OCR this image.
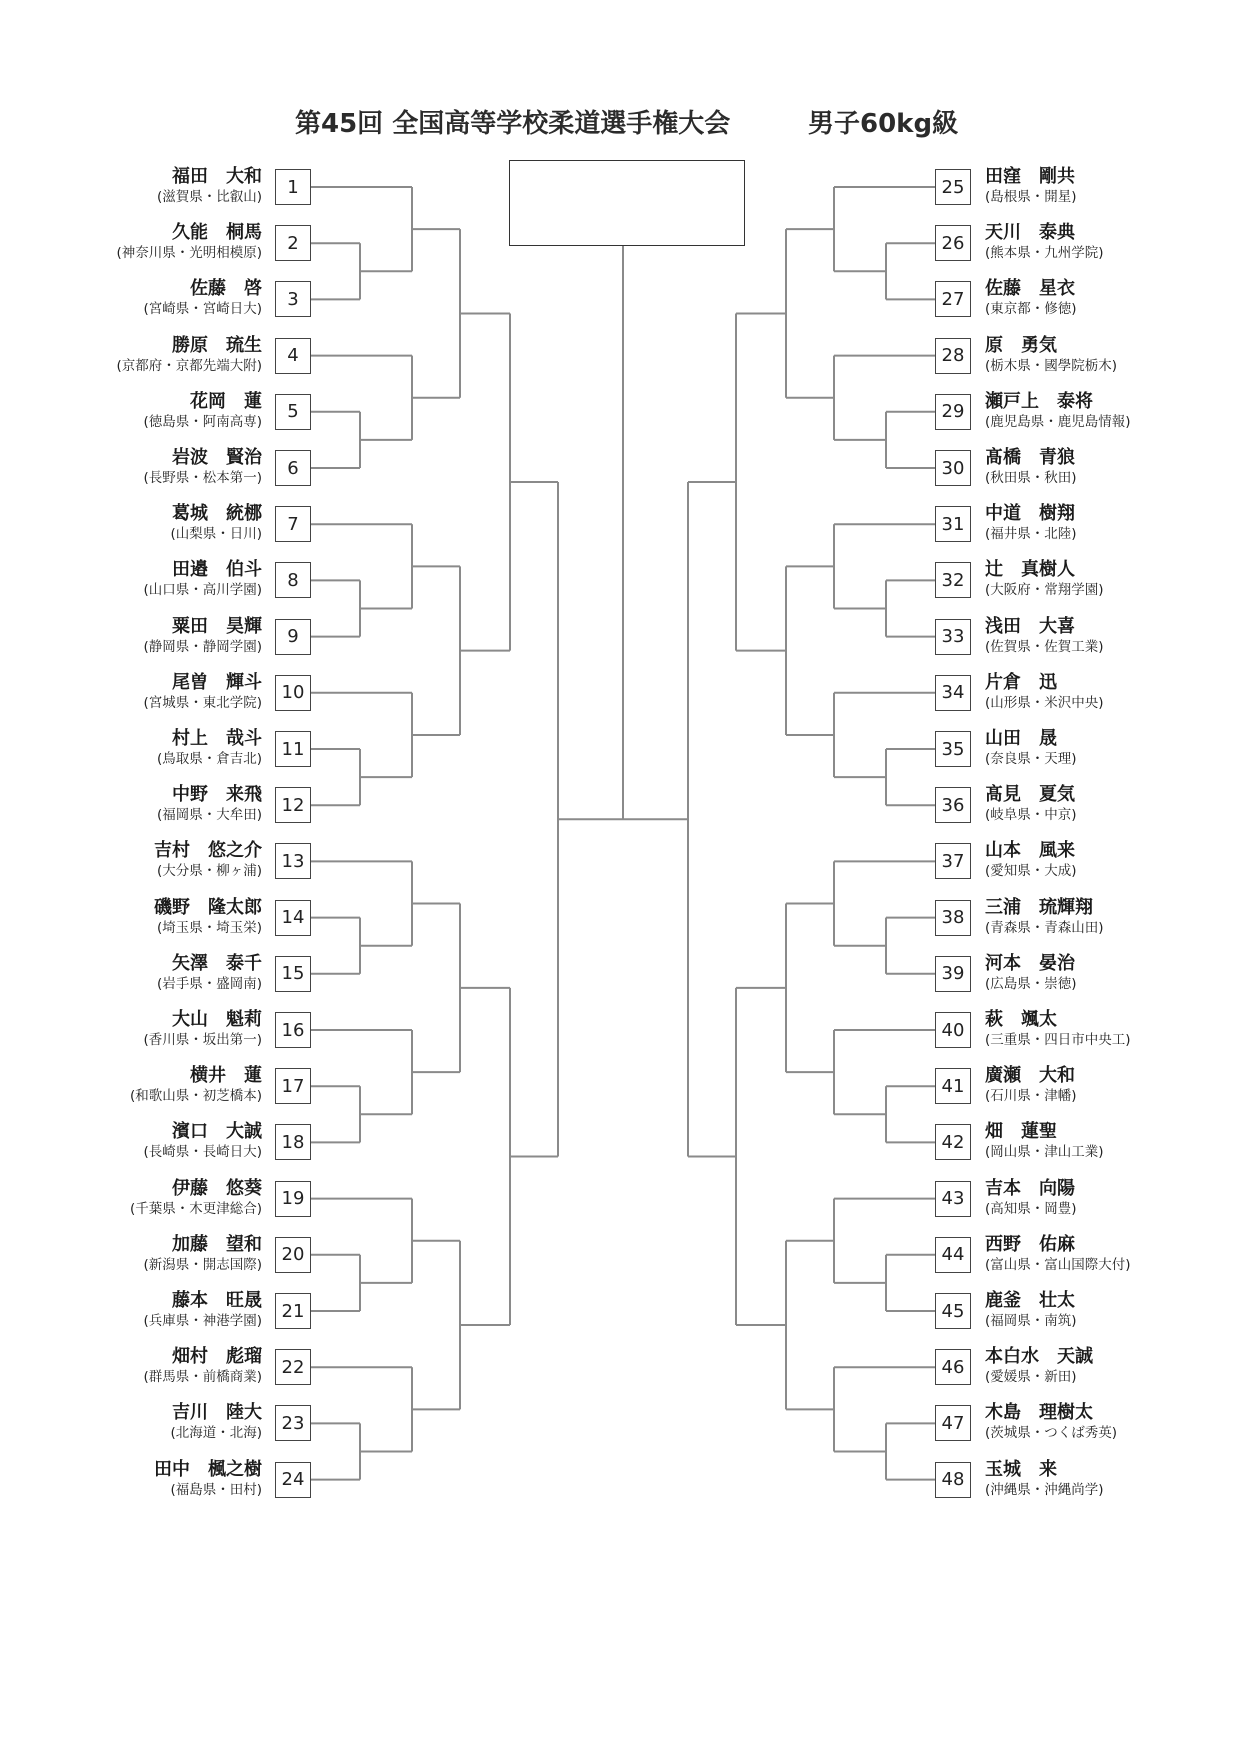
第45回 全国高等学校柔道選手権大会	男子60kg級
1
福田　大和
(滋賀県・比叡山)
2
久能　桐馬
(神奈川県・光明相模原)
3
佐藤　啓
(宮崎県・宮崎日大)
4
勝原　琉生
(京都府・京都先端大附)
5
花岡　蓮
(徳島県・阿南高専)
6
岩波　賢治
(長野県・松本第一)
7
葛城　統梛
(山梨県・日川)
8
田邉　伯斗
(山口県・高川学園)
9
粟田　昊輝
(静岡県・静岡学園)
10
尾曽　輝斗
(宮城県・東北学院)
11
村上　哉斗
(鳥取県・倉吉北)
12
中野　来飛
(福岡県・大牟田)
13
吉村　悠之介
(大分県・柳ヶ浦)
14
磯野　隆太郎
(埼玉県・埼玉栄)
15
矢澤　泰千
(岩手県・盛岡南)
16
大山　魁莉
(香川県・坂出第一)
17
横井　蓮
(和歌山県・初芝橋本)
18
濱口　大誠
(長崎県・長崎日大)
19
伊藤　悠葵
(千葉県・木更津総合)
20
加藤　望和
(新潟県・開志国際)
21
藤本　旺晟
(兵庫県・神港学園)
22
畑村　彪瑠
(群馬県・前橋商業)
23
吉川　陸大
(北海道・北海)
24
田中　楓之樹
(福島県・田村)
25	田窪　剛共
(島根県・開星)
26	天川　泰典
(熊本県・九州学院)
27	佐藤　星衣
(東京都・修徳)
28	原　勇気
(栃木県・國學院栃木)
29	瀬戸上　泰将
(鹿児島県・鹿児島情報)
30	髙橋　青狼
(秋田県・秋田)
31	中道　樹翔
(福井県・北陸)
32	辻　真樹人
(大阪府・常翔学園)
33	浅田　大喜
(佐賀県・佐賀工業)
34	片倉　迅
(山形県・米沢中央)
35	山田　晟
(奈良県・天理)
36	髙見　夏気
(岐阜県・中京)
37	山本　風来
(愛知県・大成)
38	三浦　琉輝翔
(青森県・青森山田)
39	河本　晏治
(広島県・崇徳)
40	萩　颯太
(三重県・四日市中央工)
41	廣瀬　大和
(石川県・津幡)
42	畑　蓮聖
(岡山県・津山工業)
43	吉本　向陽
(高知県・岡豊)
44	西野　佑麻
(富山県・富山国際大付)
45	鹿釜　壮太
(福岡県・南筑)
46	本白水　天誠
(愛媛県・新田)
47	木島　理樹太
(茨城県・つくば秀英)
48	玉城　来
(沖縄県・沖縄尚学)
